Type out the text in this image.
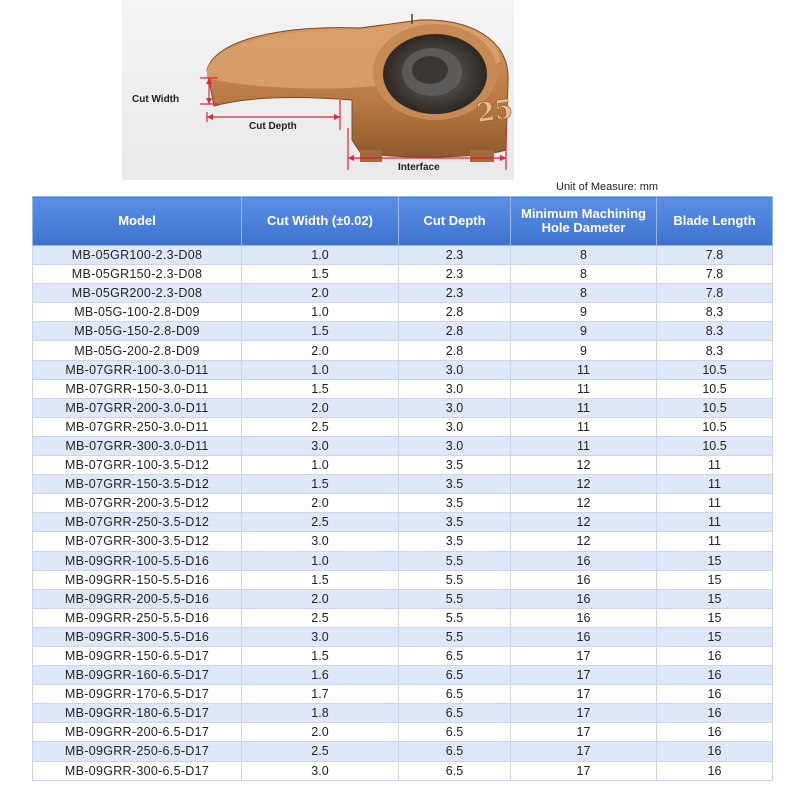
25
Cut Width
Cut Depth
Interface
Unit of Measure: mm
Model	Cut Width (±0.02)	Cut Depth	Minimum Machining Hole Dameter	Blade Length
MB-05GR100-2.3-D08	1.0	2.3	8	7.8
MB-05GR150-2.3-D08	1.5	2.3	8	7.8
MB-05GR200-2.3-D08	2.0	2.3	8	7.8
MB-05G-100-2.8-D09	1.0	2.8	9	8.3
MB-05G-150-2.8-D09	1.5	2.8	9	8.3
MB-05G-200-2.8-D09	2.0	2.8	9	8.3
MB-07GRR-100-3.0-D11	1.0	3.0	11	10.5
MB-07GRR-150-3.0-D11	1.5	3.0	11	10.5
MB-07GRR-200-3.0-D11	2.0	3.0	11	10.5
MB-07GRR-250-3.0-D11	2.5	3.0	11	10.5
MB-07GRR-300-3.0-D11	3.0	3.0	11	10.5
MB-07GRR-100-3.5-D12	1.0	3.5	12	11
MB-07GRR-150-3.5-D12	1.5	3.5	12	11
MB-07GRR-200-3.5-D12	2.0	3.5	12	11
MB-07GRR-250-3.5-D12	2.5	3.5	12	11
MB-07GRR-300-3.5-D12	3.0	3.5	12	11
MB-09GRR-100-5.5-D16	1.0	5.5	16	15
MB-09GRR-150-5.5-D16	1.5	5.5	16	15
MB-09GRR-200-5.5-D16	2.0	5.5	16	15
MB-09GRR-250-5.5-D16	2.5	5.5	16	15
MB-09GRR-300-5.5-D16	3.0	5.5	16	15
MB-09GRR-150-6.5-D17	1.5	6.5	17	16
MB-09GRR-160-6.5-D17	1.6	6.5	17	16
MB-09GRR-170-6.5-D17	1.7	6.5	17	16
MB-09GRR-180-6.5-D17	1.8	6.5	17	16
MB-09GRR-200-6.5-D17	2.0	6.5	17	16
MB-09GRR-250-6.5-D17	2.5	6.5	17	16
MB-09GRR-300-6.5-D17	3.0	6.5	17	16
